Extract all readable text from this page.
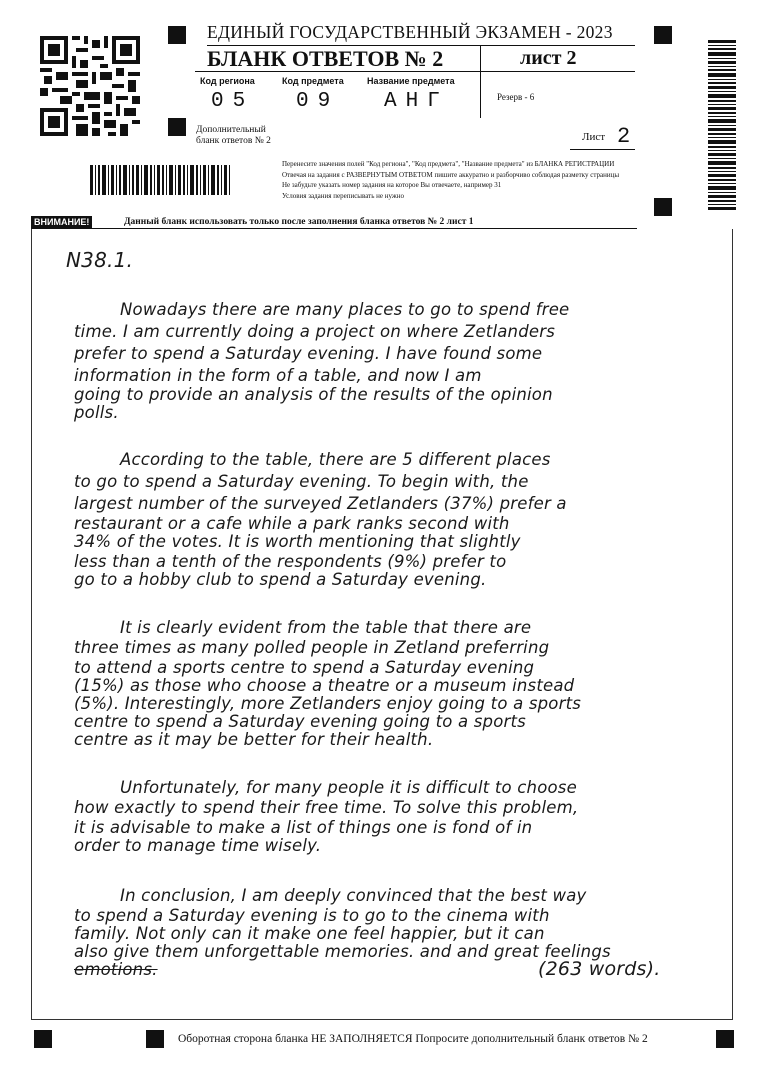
ЕДИНЫЙ ГОСУДАРСТВЕННЫЙ ЭКЗАМЕН - 2023
БЛАНК ОТВЕТОВ № 2	лист 2
Код региона
05
Код предмета
09
Название предмета
АНГ	Резерв - 6
Дополнительный
бланк ответов № 2	Лист 2
Перенесите значения полей "Код региона", "Код предмета", "Название предмета" из БЛАНКА РЕГИСТРАЦИИ
Отвечая на задания с РАЗВЕРНУТЫМ ОТВЕТОМ пишите аккуратно и разборчиво соблюдая разметку страницы
Не забудьте указать номер задания на которое Вы отвечаете, например 31
Условия задания переписывать не нужно
ВНИМАНИЕ!	Данный бланк использовать только после заполнения бланка ответов № 2 лист 1
N38.1.
Nowadays there are many places to go to spend free
time. I am currently doing a project on where Zetlanders
prefer to spend a Saturday evening. I have found some
information in the form of a table, and now I am
going to provide an analysis of the results of the opinion
polls.
According to the table, there are 5 different places
to go to spend a Saturday evening. To begin with, the
largest number of the surveyed Zetlanders (37%) prefer a
restaurant or a cafe while a park ranks second with
34% of the votes. It is worth mentioning that slightly
less than a tenth of the respondents (9%) prefer to
go to a hobby club to spend a Saturday evening.
It is clearly evident from the table that there are
three times as many polled people in Zetland preferring
to attend a sports centre to spend a Saturday evening
(15%) as those who choose a theatre or a museum instead
(5%). Interestingly, more Zetlanders enjoy going to a sports
centre to spend a Saturday evening going to a sports
centre as it may be better for their health.
Unfortunately, for many people it is difficult to choose
how exactly to spend their free time. To solve this problem,
it is advisable to make a list of things one is fond of in
order to manage time wisely.
In conclusion, I am deeply convinced that the best way
to spend a Saturday evening is to go to the cinema with
family. Not only can it make one feel happier, but it can
also give them unforgettable memories. and and great feelings
emotions.	(263 words).
Оборотная сторона бланка НЕ ЗАПОЛНЯЕТСЯ Попросите дополнительный бланк ответов № 2
